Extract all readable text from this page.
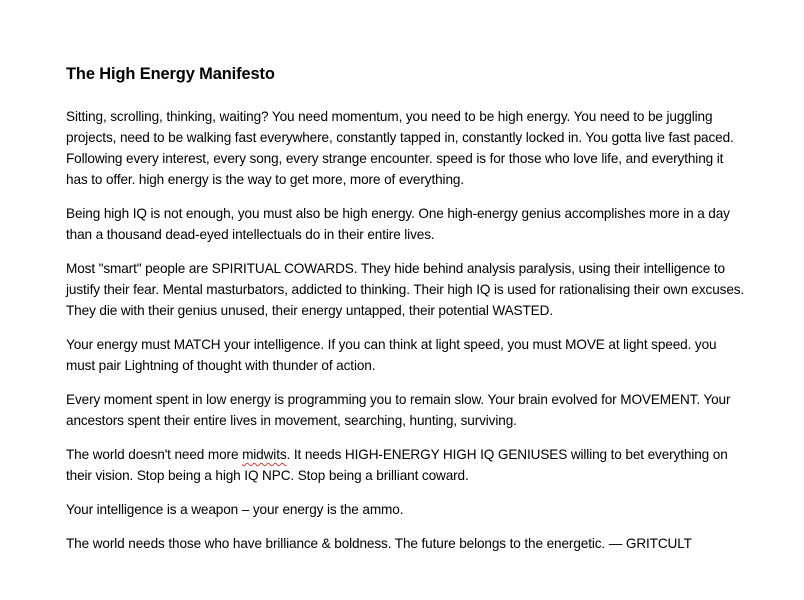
The High Energy Manifesto

Sitting, scrolling, thinking, waiting? You need momentum, you need to be high energy. You need to be juggling projects, need to be walking fast everywhere, constantly tapped in, constantly locked in. You gotta live fast paced. Following every interest, every song, every strange encounter. speed is for those who love life, and everything it has to offer. high energy is the way to get more, more of everything.

Being high IQ is not enough, you must also be high energy. One high-energy genius accomplishes more in a day than a thousand dead-eyed intellectuals do in their entire lives.

Most "smart" people are SPIRITUAL COWARDS. They hide behind analysis paralysis, using their intelligence to justify their fear. Mental masturbators, addicted to thinking. Their high IQ is used for rationalising their own excuses. They die with their genius unused, their energy untapped, their potential WASTED.

Your energy must MATCH your intelligence. If you can think at light speed, you must MOVE at light speed. you must pair Lightning of thought with thunder of action.

Every moment spent in low energy is programming you to remain slow. Your brain evolved for MOVEMENT. Your ancestors spent their entire lives in movement, searching, hunting, surviving.

The world doesn't need more midwits. It needs HIGH-ENERGY HIGH IQ GENIUSES willing to bet everything on their vision. Stop being a high IQ NPC. Stop being a brilliant coward.

Your intelligence is a weapon – your energy is the ammo.

The world needs those who have brilliance & boldness. The future belongs to the energetic. — GRITCULT
